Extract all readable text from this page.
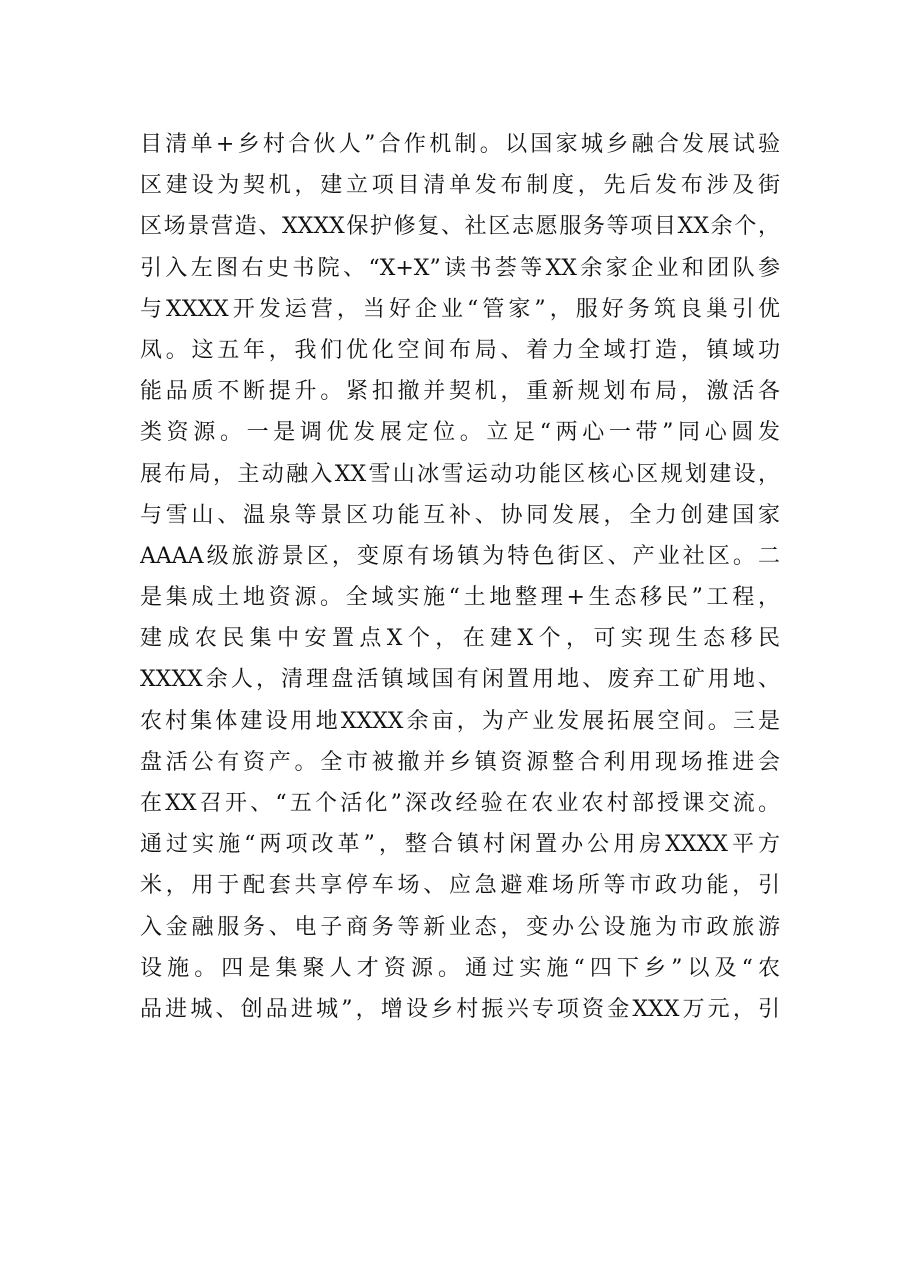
目清单+乡村合伙人”合作机制。以国家城乡融合发展试验
区建设为契机，建立项目清单发布制度，先后发布涉及街
区场景营造、XXXX保护修复、社区志愿服务等项目XX余个，
引入左图右史书院、“X+X”读书荟等XX余家企业和团队参
与XXXX开发运营，当好企业“管家”，服好务筑良巢引优
凤。这五年，我们优化空间布局、着力全域打造，镇域功
能品质不断提升。紧扣撤并契机，重新规划布局，激活各
类资源。一是调优发展定位。立足“两心一带”同心圆发
展布局，主动融入XX雪山冰雪运动功能区核心区规划建设，
与雪山、温泉等景区功能互补、协同发展，全力创建国家
AAAA级旅游景区，变原有场镇为特色街区、产业社区。二
是集成土地资源。全域实施“土地整理+生态移民”工程，
建成农民集中安置点X个，在建X个，可实现生态移民
XXXX余人，清理盘活镇域国有闲置用地、废弃工矿用地、
农村集体建设用地XXXX余亩，为产业发展拓展空间。三是
盘活公有资产。全市被撤并乡镇资源整合利用现场推进会
在XX召开、“五个活化”深改经验在农业农村部授课交流。
通过实施“两项改革”，整合镇村闲置办公用房XXXX平方
米，用于配套共享停车场、应急避难场所等市政功能，引
入金融服务、电子商务等新业态，变办公设施为市政旅游
设施。四是集聚人才资源。通过实施“四下乡”以及“农
品进城、创品进城”，增设乡村振兴专项资金XXX万元，引
